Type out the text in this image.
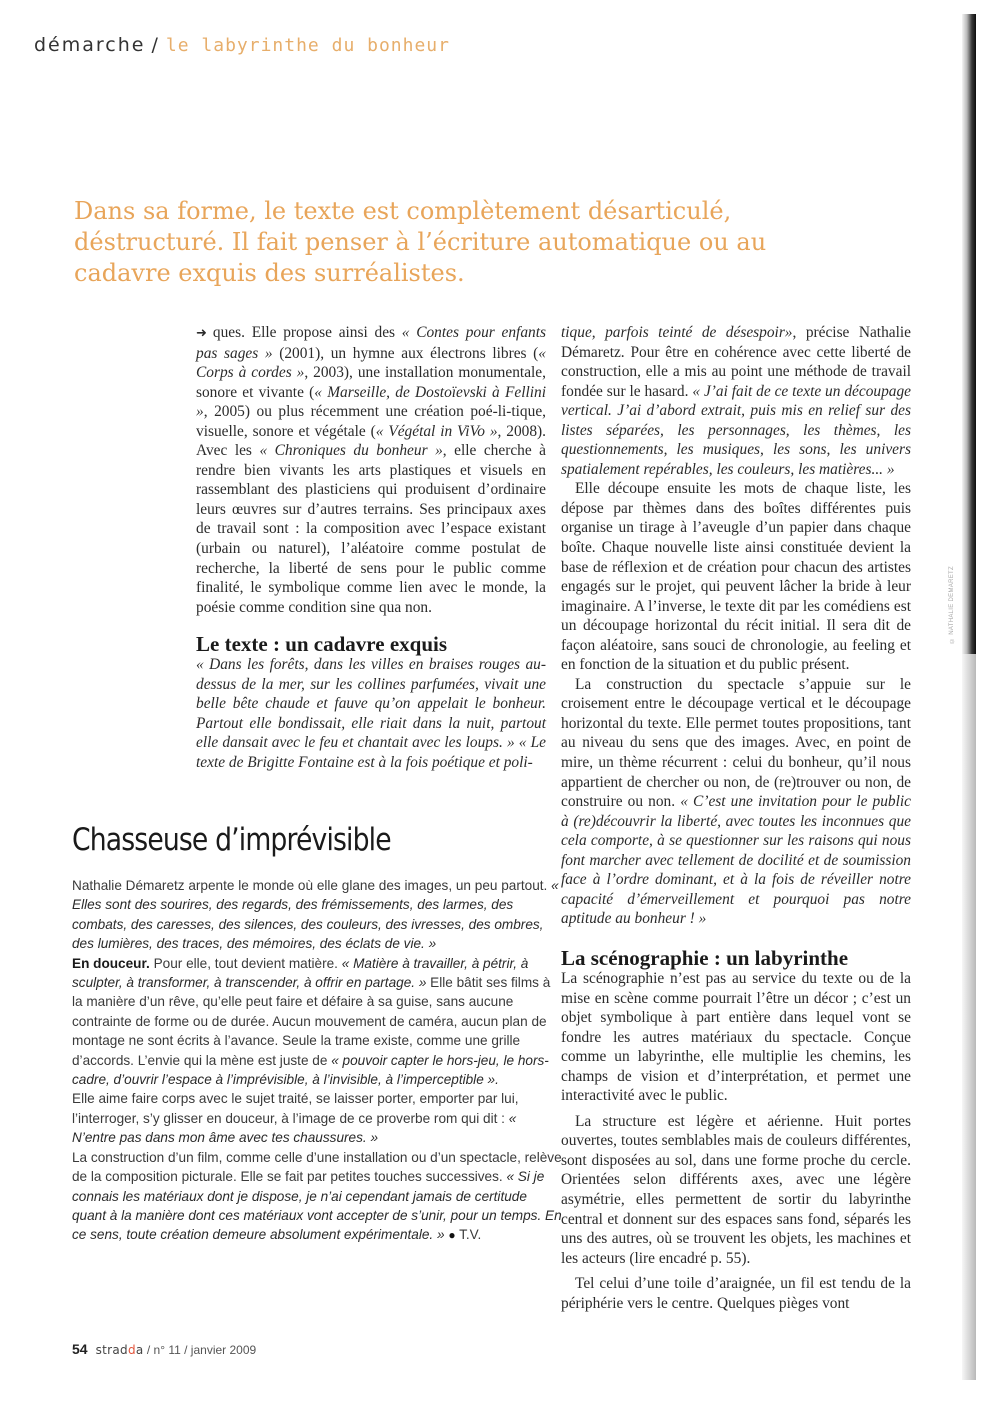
© NATHALIE DÉMARETZ
démarche / le labyrinthe du bonheur
Dans sa forme, le texte est complètement désarticulé, déstructuré. Il fait penser à l’écriture automatique ou au cadavre exquis des surréalistes.

➜ ques. Elle propose ainsi des « Contes pour enfants pas sages » (2001), un hymne aux électrons libres (« Corps à cordes », 2003), une installation monumentale, sonore et vivante (« Marseille, de Dostoïevski à Fellini », 2005) ou plus récemment une création poé-li-tique, visuelle, sonore et végétale (« Végétal in ViVo », 2008). Avec les « Chroniques du bonheur », elle cherche à rendre bien vivants les arts plastiques et visuels en rassemblant des plasticiens qui produisent d’ordinaire leurs œuvres sur d’autres terrains. Ses principaux axes de travail sont : la composition avec l’espace existant (urbain ou naturel), l’aléatoire comme postulat de recherche, la liberté de sens pour le public comme finalité, le symbolique comme lien avec le monde, la poésie comme condition sine qua non.

Le texte : un cadavre exquis

« Dans les forêts, dans les villes en braises rouges au-dessus de la mer, sur les collines parfumées, vivait une belle bête chaude et fauve qu’on appelait le bonheur. Partout elle bondissait, elle riait dans la nuit, partout elle dansait avec le feu et chantait avec les loups. » « Le texte de Brigitte Fontaine est à la fois poétique et poli-

tique, parfois teinté de désespoir», précise Nathalie Démaretz. Pour être en cohérence avec cette liberté de construction, elle a mis au point une méthode de travail fondée sur le hasard. « J’ai fait de ce texte un découpage vertical. J’ai d’abord extrait, puis mis en relief sur des listes séparées, les personnages, les thèmes, les questionnements, les musiques, les sons, les univers spatialement repérables, les couleurs, les matières... »

Elle découpe ensuite les mots de chaque liste, les dépose par thèmes dans des boîtes différentes puis organise un tirage à l’aveugle d’un papier dans chaque boîte. Chaque nouvelle liste ainsi constituée devient la base de réflexion et de création pour chacun des artistes engagés sur le projet, qui peuvent lâcher la bride à leur imaginaire. A l’inverse, le texte dit par les comédiens est un découpage horizontal du récit initial. Il sera dit de façon aléatoire, sans souci de chronologie, au feeling et en fonction de la situation et du public présent.

La construction du spectacle s’appuie sur le croisement entre le découpage vertical et le découpage horizontal du texte. Elle permet toutes propositions, tant au niveau du sens que des images. Avec, en point de mire, un thème récurrent : celui du bonheur, qu’il nous appartient de chercher ou non, de (re)trouver ou non, de construire ou non. « C’est une invitation pour le public à (re)découvrir la liberté, avec toutes les inconnues que cela comporte, à se questionner sur les raisons qui nous font marcher avec tellement de docilité et de soumission face à l’ordre dominant, et à la fois de réveiller notre capacité d’émerveillement et pourquoi pas notre aptitude au bonheur ! »

La scénographie : un labyrinthe

La scénographie n’est pas au service du texte ou de la mise en scène comme pourrait l’être un décor ; c’est un objet symbolique à part entière dans lequel vont se fondre les autres matériaux du spectacle. Conçue comme un labyrinthe, elle multiplie les chemins, les champs de vision et d’interprétation, et permet une interactivité avec le public.

La structure est légère et aérienne. Huit portes ouvertes, toutes semblables mais de couleurs différentes, sont disposées au sol, dans une forme proche du cercle. Orientées selon différents axes, avec une légère asymétrie, elles permettent de sortir du labyrinthe central et donnent sur des espaces sans fond, séparés les uns des autres, où se trouvent les objets, les machines et les acteurs (lire encadré p. 55).

Tel celui d’une toile d’araignée, un fil est tendu de la périphérie vers le centre. Quelques pièges vont

Chasseuse d’imprévisible

Nathalie Démaretz arpente le monde où elle glane des images, un peu partout. « Elles sont des sourires, des regards, des frémissements, des larmes, des combats, des caresses, des silences, des couleurs, des ivresses, des ombres, des lumières, des traces, des mémoires, des éclats de vie. »

En douceur. Pour elle, tout devient matière. « Matière à travailler, à pétrir, à sculpter, à transformer, à transcender, à offrir en partage. » Elle bâtit ses films à la manière d’un rêve, qu’elle peut faire et défaire à sa guise, sans aucune contrainte de forme ou de durée. Aucun mouvement de caméra, aucun plan de montage ne sont écrits à l’avance. Seule la trame existe, comme une grille d’accords. L’envie qui la mène est juste de « pouvoir capter le hors-jeu, le hors-cadre, d’ouvrir l’espace à l’imprévisible, à l’invisible, à l’imperceptible ».

Elle aime faire corps avec le sujet traité, se laisser porter, emporter par lui, l’interroger, s’y glisser en douceur, à l’image de ce proverbe rom qui dit : « N’entre pas dans mon âme avec tes chaussures. »

La construction d’un film, comme celle d’une installation ou d’un spectacle, relève de la composition picturale. Elle se fait par petites touches successives. « Si je connais les matériaux dont je dispose, je n’ai cependant jamais de certitude quant à la manière dont ces matériaux vont accepter de s’unir, pour un temps. En ce sens, toute création demeure absolument expérimentale. » ● T.V.

54 stradda / n° 11 / janvier 2009
